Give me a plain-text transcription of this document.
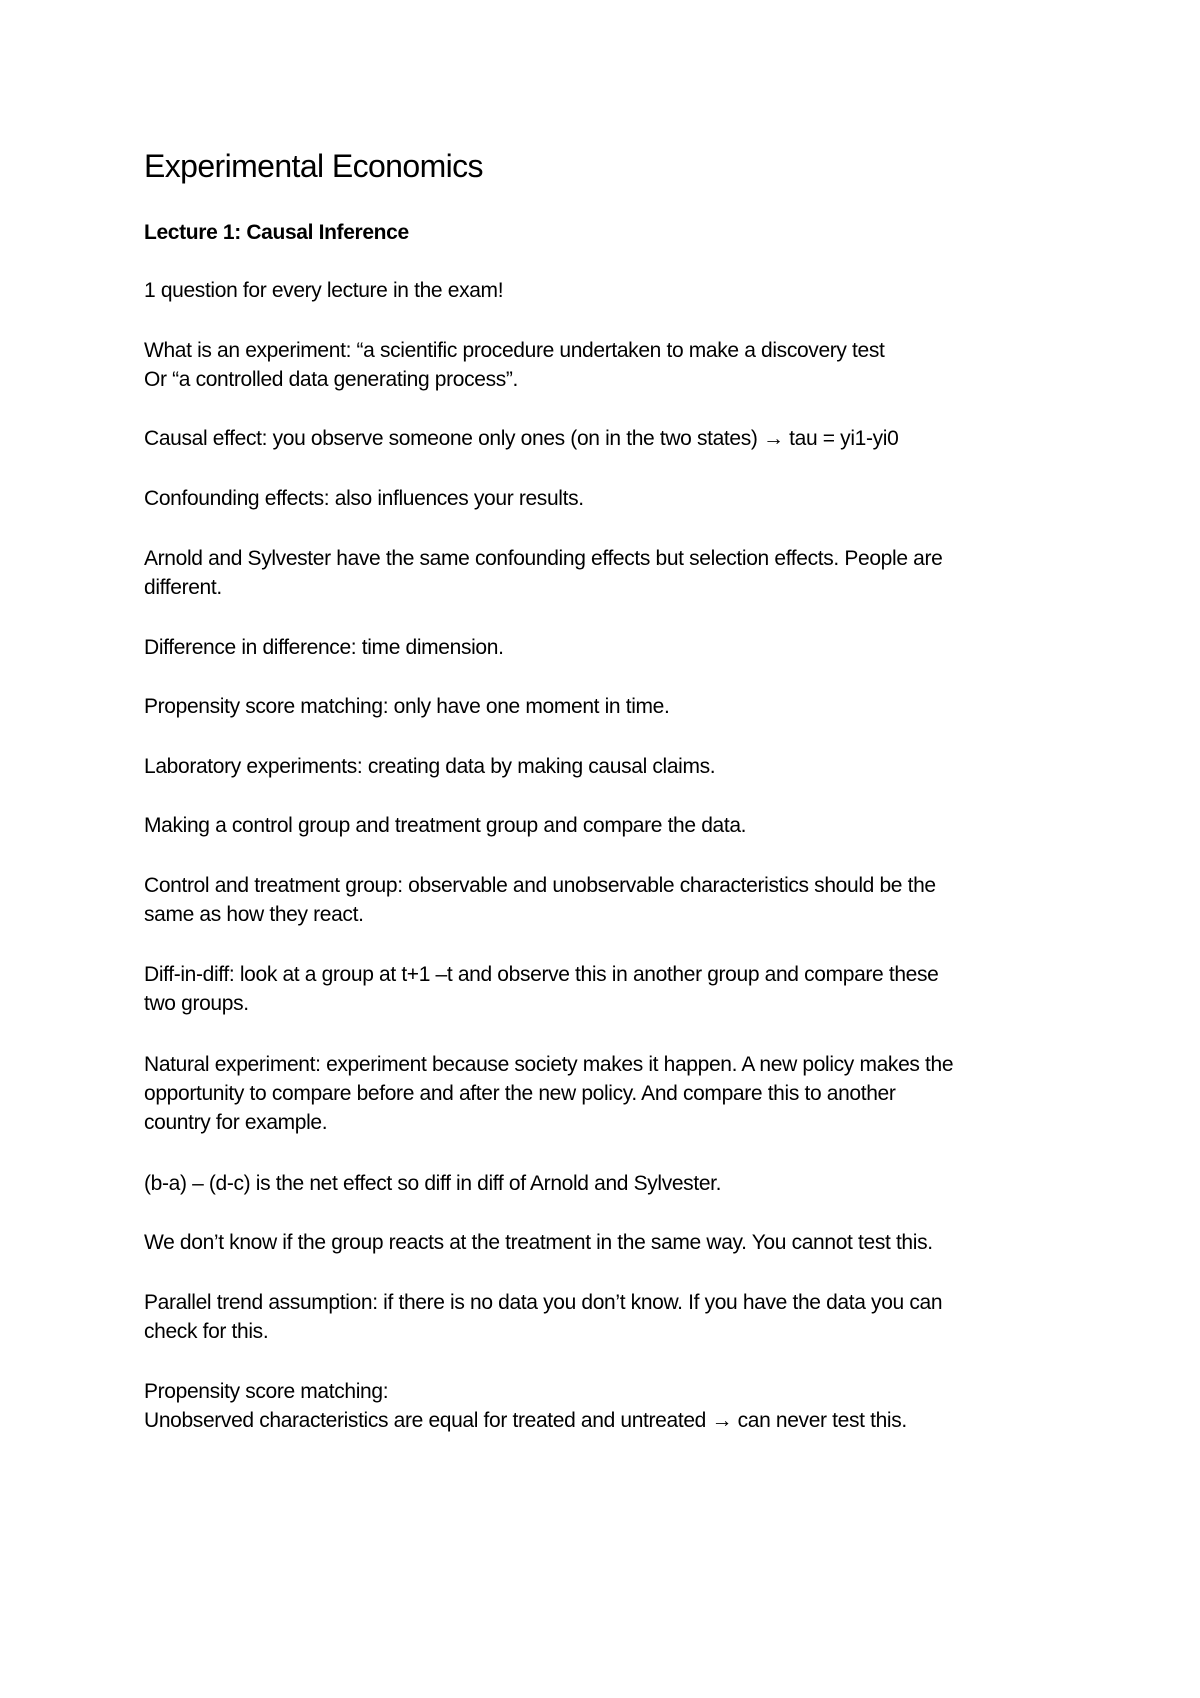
Experimental Economics
Lecture 1: Causal Inference

1 question for every lecture in the exam!

What is an experiment: “a scientific procedure undertaken to make a discovery test
Or “a controlled data generating process”.

Causal effect: you observe someone only ones (on in the two states) → tau = yi1-yi0

Confounding effects: also influences your results.

Arnold and Sylvester have the same confounding effects but selection effects. People are
different.

Difference in difference: time dimension.

Propensity score matching: only have one moment in time.

Laboratory experiments: creating data by making causal claims.

Making a control group and treatment group and compare the data.

Control and treatment group: observable and unobservable characteristics should be the
same as how they react.

Diff-in-diff: look at a group at t+1 –t and observe this in another group and compare these
two groups.

Natural experiment: experiment because society makes it happen. A new policy makes the
opportunity to compare before and after the new policy. And compare this to another
country for example.

(b-a) – (d-c) is the net effect so diff in diff of Arnold and Sylvester.

We don’t know if the group reacts at the treatment in the same way. You cannot test this.

Parallel trend assumption: if there is no data you don’t know. If you have the data you can
check for this.

Propensity score matching:
Unobserved characteristics are equal for treated and untreated → can never test this.
